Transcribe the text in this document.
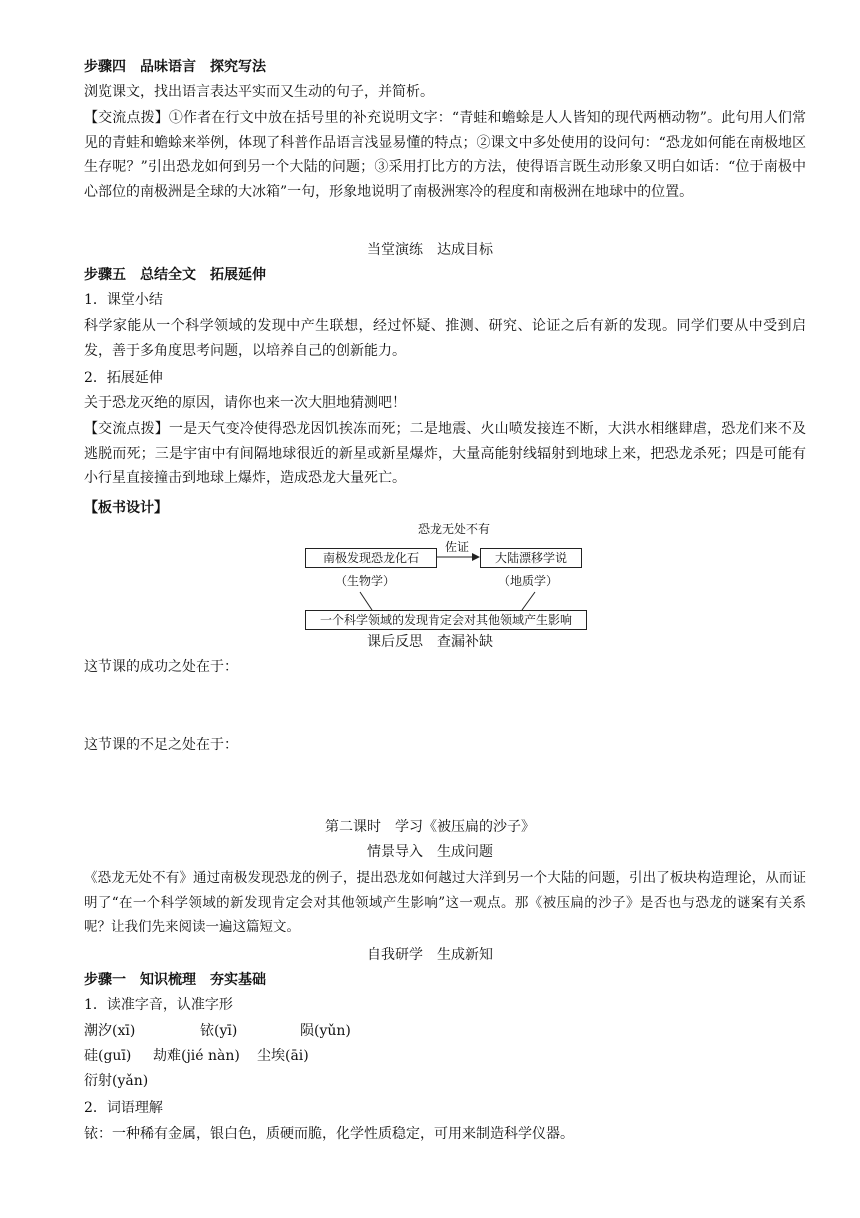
步骤四　品味语言　探究写法
浏览课文，找出语言表达平实而又生动的句子，并简析。
【交流点拨】①作者在行文中放在括号里的补充说明文字：“青蛙和蟾蜍是人人皆知的现代两栖动物”。此句用人们常见的青蛙和蟾蜍来举例，体现了科普作品语言浅显易懂的特点；②课文中多处使用的设问句：“恐龙如何能在南极地区生存呢？”引出恐龙如何到另一个大陆的问题；③采用打比方的方法，使得语言既生动形象又明白如话：“位于南极中心部位的南极洲是全球的大冰箱”一句，形象地说明了南极洲寒冷的程度和南极洲在地球中的位置。
当堂演练　达成目标
步骤五　总结全文　拓展延伸
1．课堂小结
科学家能从一个科学领域的发现中产生联想，经过怀疑、推测、研究、论证之后有新的发现。同学们要从中受到启发，善于多角度思考问题，以培养自己的创新能力。
2．拓展延伸
关于恐龙灭绝的原因，请你也来一次大胆地猜测吧！
【交流点拨】一是天气变冷使得恐龙因饥挨冻而死；二是地震、火山喷发接连不断，大洪水相继肆虐，恐龙们来不及逃脱而死；三是宇宙中有间隔地球很近的新星或新星爆炸，大量高能射线辐射到地球上来，把恐龙杀死；四是可能有小行星直接撞击到地球上爆炸，造成恐龙大量死亡。
【板书设计】
恐龙无处不有
南极发现恐龙化石
佐证
大陆漂移学说
（生物学）	（地质学）
一个科学领域的发现肯定会对其他领域产生影响
课后反思　查漏补缺
这节课的成功之处在于：
这节课的不足之处在于：
第二课时　学习《被压扁的沙子》
情景导入　生成问题
《恐龙无处不有》通过南极发现恐龙的例子，提出恐龙如何越过大洋到另一个大陆的问题，引出了板块构造理论，从而证明了“在一个科学领域的新发现肯定会对其他领域产生影响”这一观点。那《被压扁的沙子》是否也与恐龙的谜案有关系呢？让我们先来阅读一遍这篇短文。
自我研学　生成新知
步骤一　知识梳理　夯实基础
1．读准字音，认准字形
潮汐(xī)	铱(yī)	陨(yǔn)
硅(guī) 劫难(jié nàn) 尘埃(āi)
衍射(yǎn)
2．词语理解
铱：一种稀有金属，银白色，质硬而脆，化学性质稳定，可用来制造科学仪器。
